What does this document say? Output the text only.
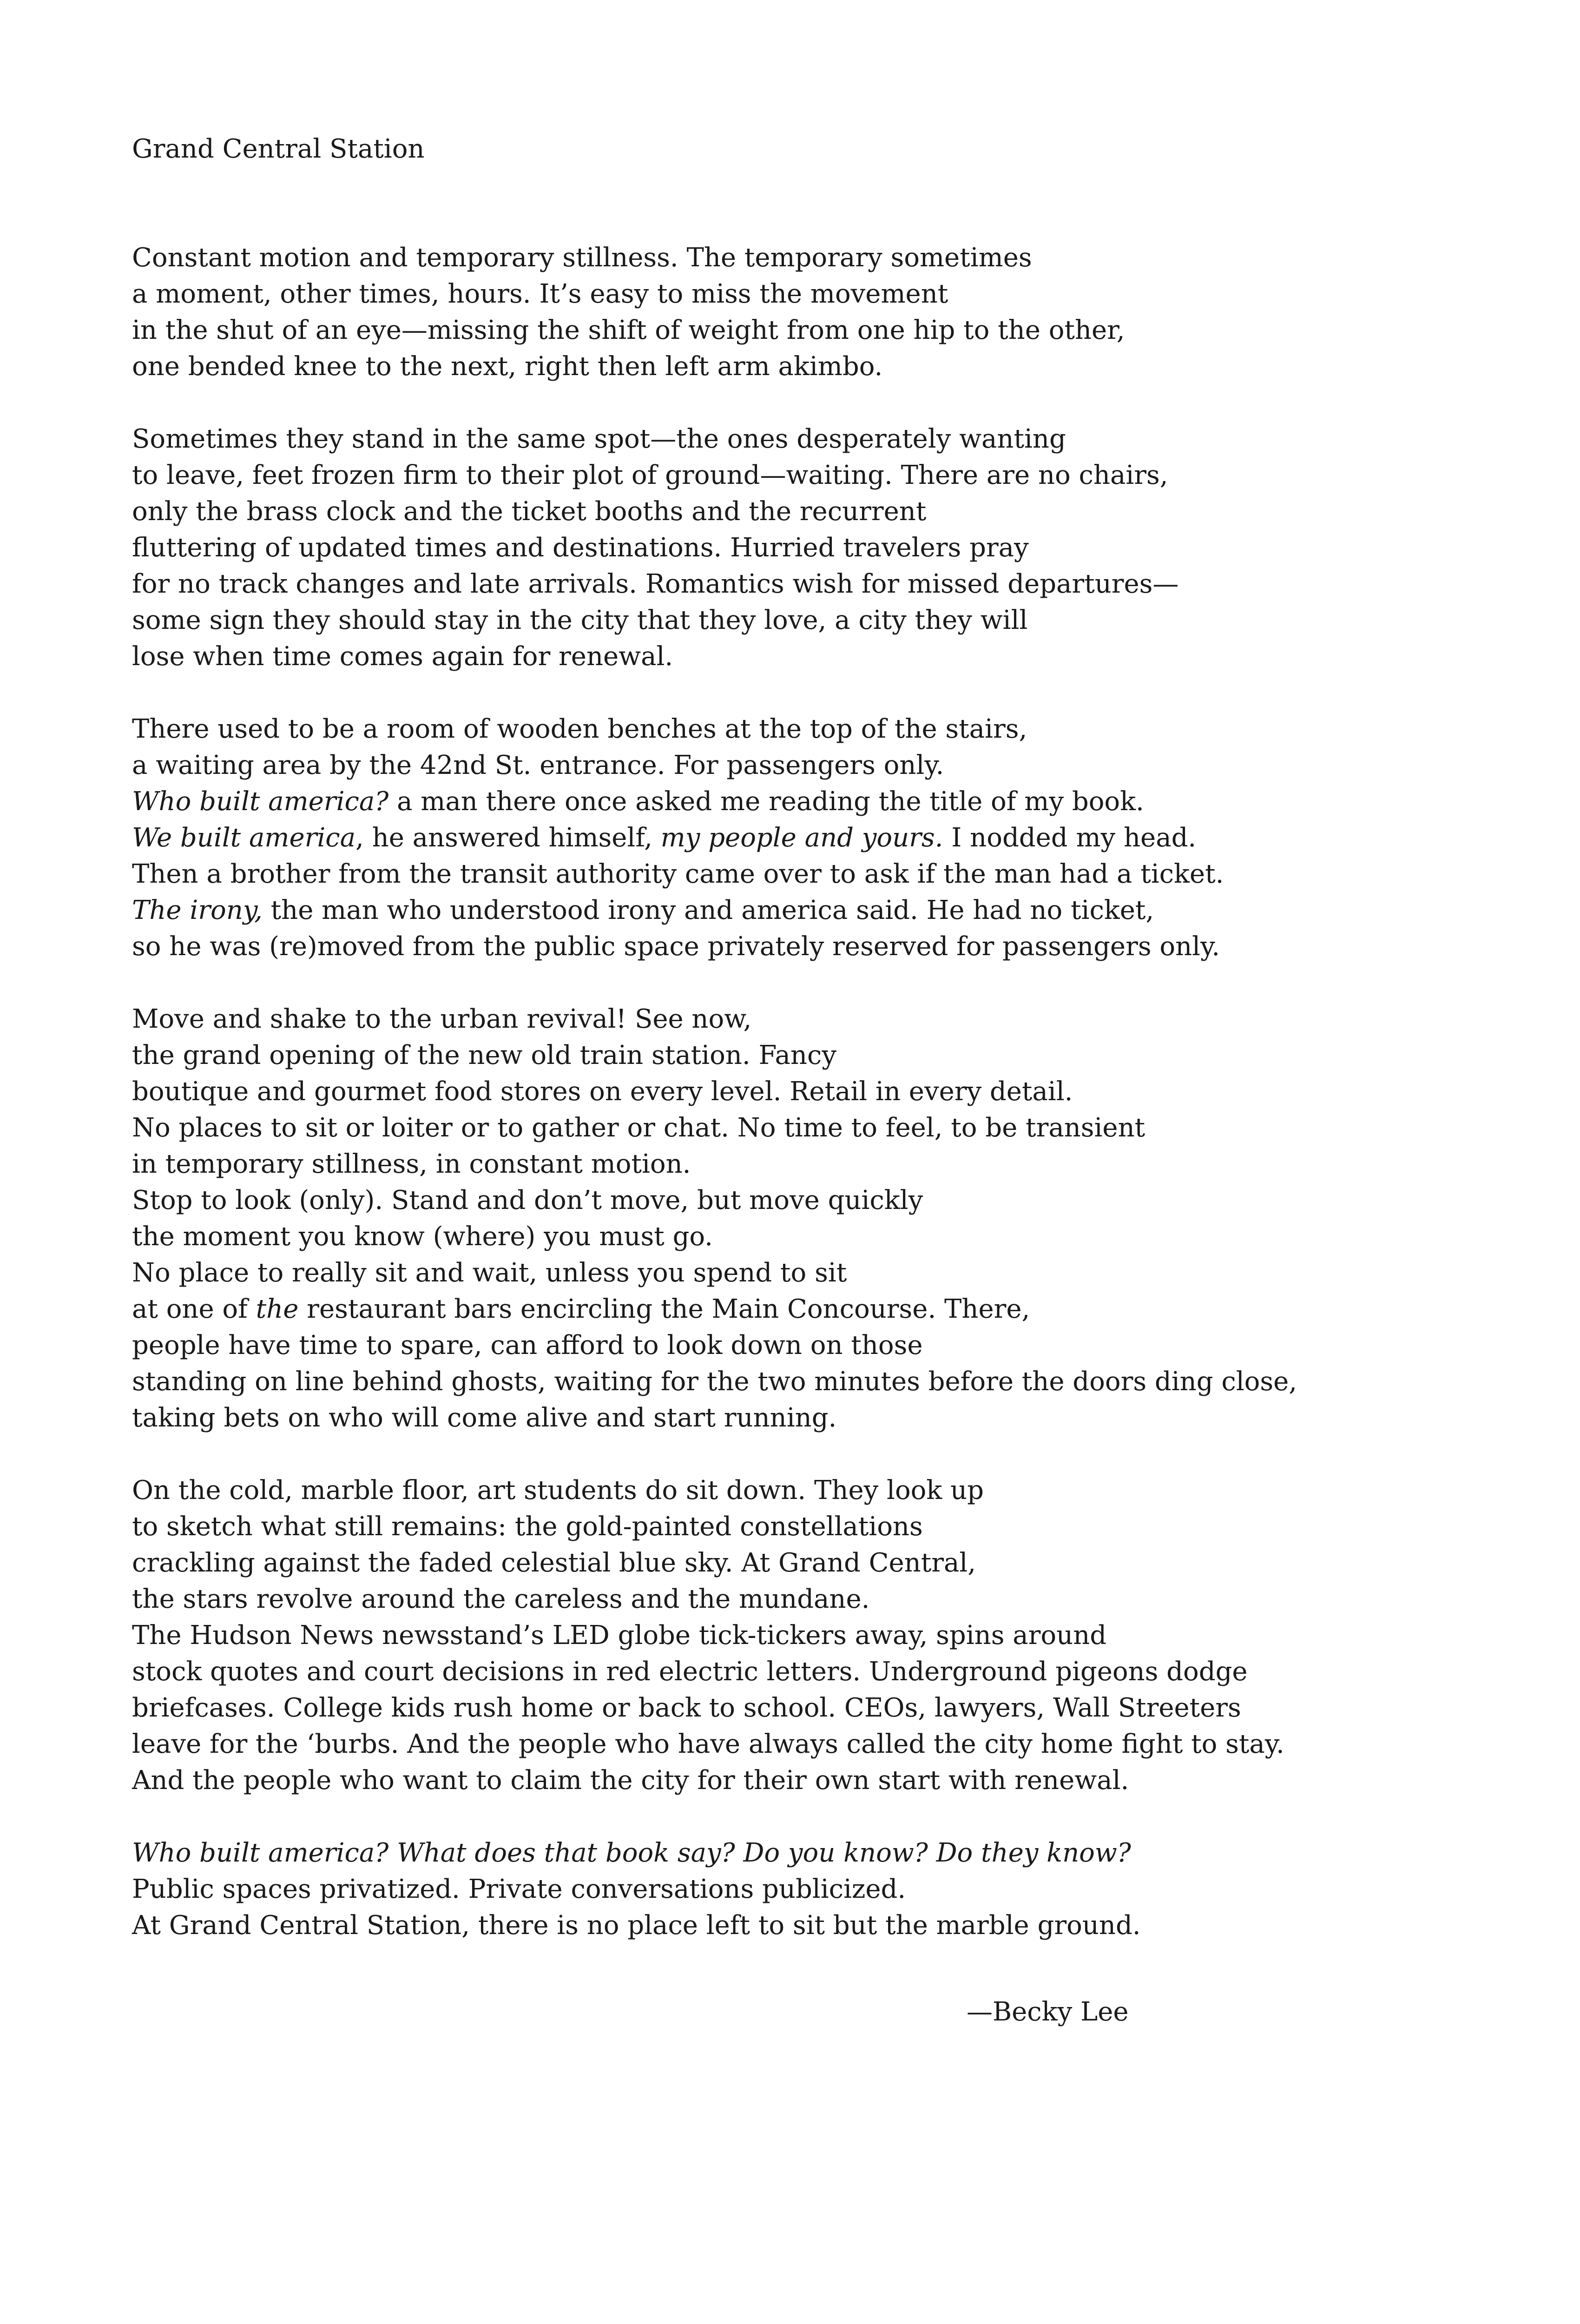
Grand Central Station
Constant motion and temporary stillness. The temporary sometimes
a moment, other times, hours. It’s easy to miss the movement
in the shut of an eye—missing the shift of weight from one hip to the other,
one bended knee to the next, right then left arm akimbo.
Sometimes they stand in the same spot—the ones desperately wanting
to leave, feet frozen firm to their plot of ground—waiting. There are no chairs,
only the brass clock and the ticket booths and the recurrent
fluttering of updated times and destinations. Hurried travelers pray
for no track changes and late arrivals. Romantics wish for missed departures—
some sign they should stay in the city that they love, a city they will
lose when time comes again for renewal.
There used to be a room of wooden benches at the top of the stairs,
a waiting area by the 42nd St. entrance. For passengers only.
Who built america? a man there once asked me reading the title of my book.
We built america, he answered himself, my people and yours. I nodded my head.
Then a brother from the transit authority came over to ask if the man had a ticket.
The irony, the man who understood irony and america said. He had no ticket,
so he was (re)moved from the public space privately reserved for passengers only.
Move and shake to the urban revival! See now,
the grand opening of the new old train station. Fancy
boutique and gourmet food stores on every level. Retail in every detail.
No places to sit or loiter or to gather or chat. No time to feel, to be transient
in temporary stillness, in constant motion.
Stop to look (only). Stand and don’t move, but move quickly
the moment you know (where) you must go.
No place to really sit and wait, unless you spend to sit
at one of the restaurant bars encircling the Main Concourse. There,
people have time to spare, can afford to look down on those
standing on line behind ghosts, waiting for the two minutes before the doors ding close,
taking bets on who will come alive and start running.
On the cold, marble floor, art students do sit down. They look up
to sketch what still remains: the gold-painted constellations
crackling against the faded celestial blue sky. At Grand Central,
the stars revolve around the careless and the mundane.
The Hudson News newsstand’s LED globe tick-tickers away, spins around
stock quotes and court decisions in red electric letters. Underground pigeons dodge
briefcases. College kids rush home or back to school. CEOs, lawyers, Wall Streeters
leave for the ‘burbs. And the people who have always called the city home fight to stay.
And the people who want to claim the city for their own start with renewal.
Who built america? What does that book say? Do you know? Do they know?
Public spaces privatized. Private conversations publicized.
At Grand Central Station, there is no place left to sit but the marble ground.
—Becky Lee
